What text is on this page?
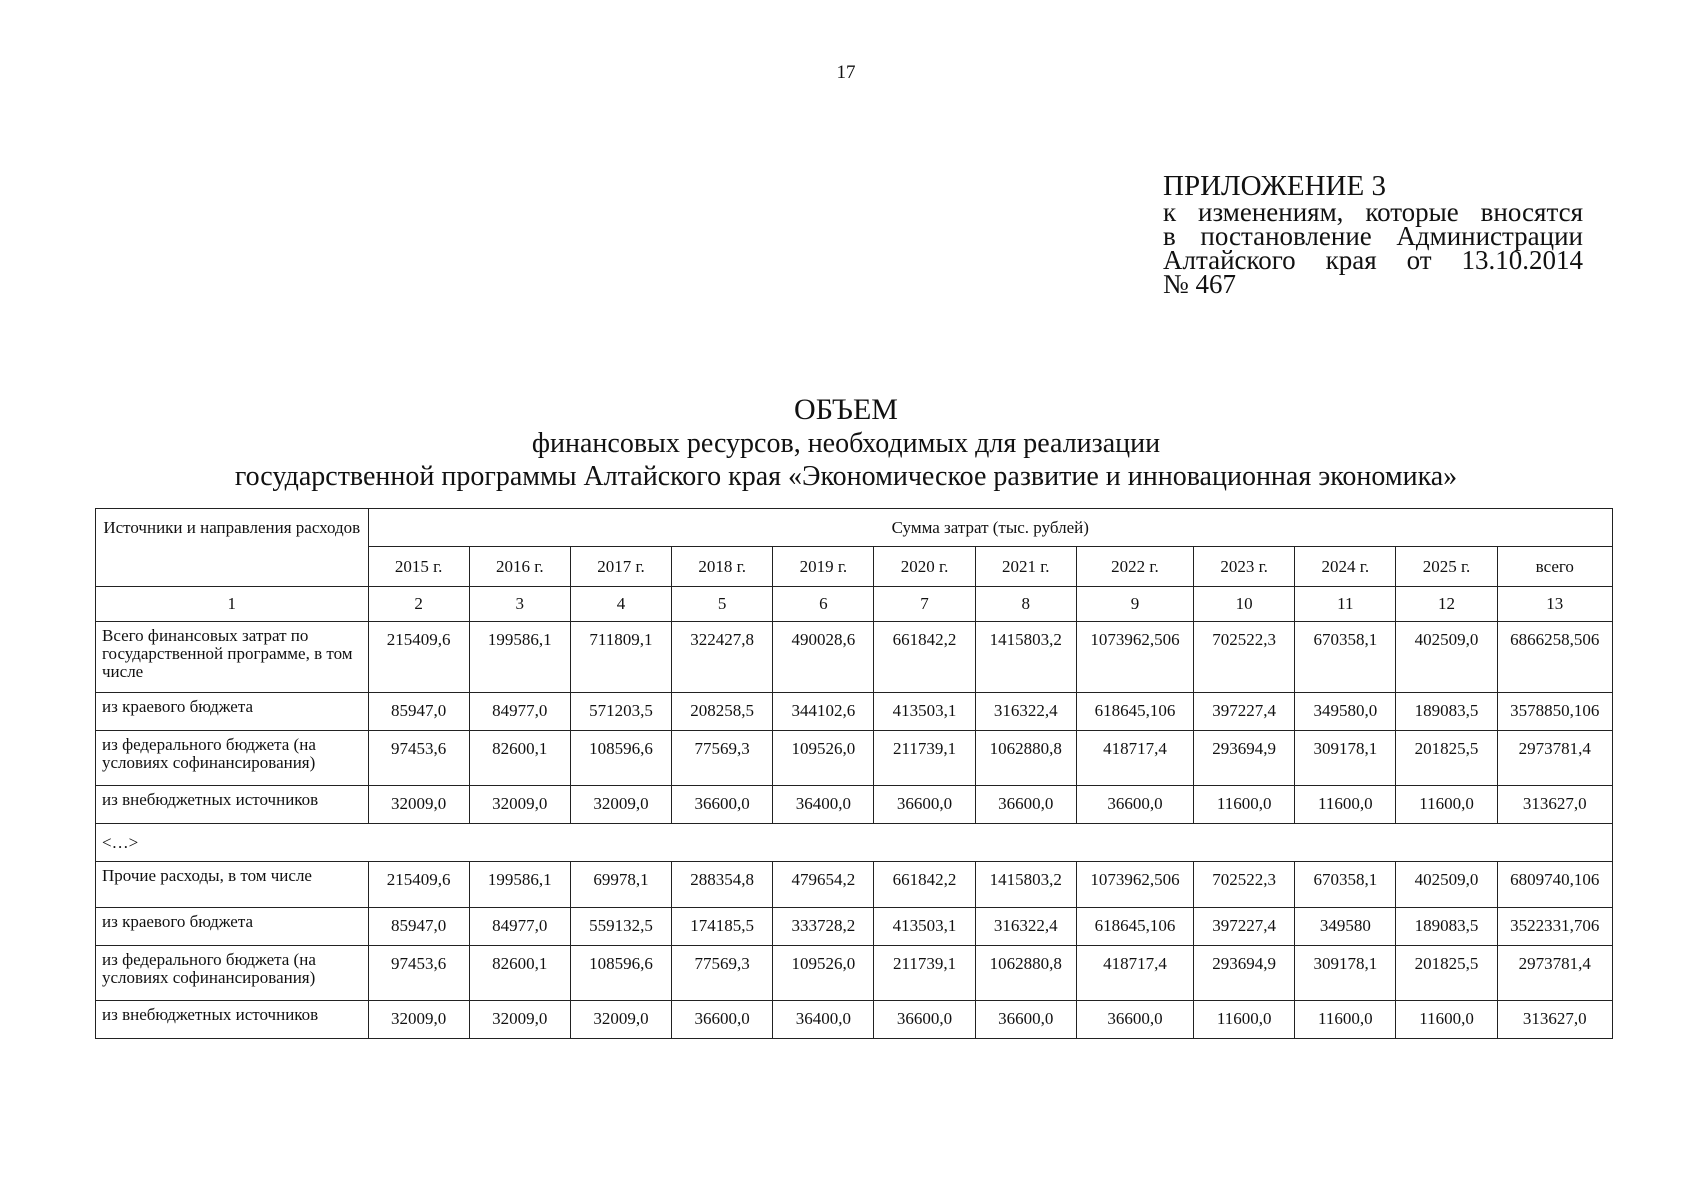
17
ПРИЛОЖЕНИЕ 3
к изменениям, которые вносятся
в постановление Администрации
Алтайского края от 13.10.2014
№ 467
ОБЪЕМ
финансовых ресурсов, необходимых для реализации
государственной программы Алтайского края «Экономическое развитие и инновационная экономика»
Источники и направления расходов	Сумма затрат (тыс. рублей)											
	2015 г.	2016 г.	2017 г.	2018 г.	2019 г.	2020 г.	2021 г.	2022 г.	2023 г.	2024 г.	2025 г.	всего
1	2	3	4	5	6	7	8	9	10	11	12	13
Всего финансовых затрат по государственной программе, в том числе	215409,6	199586,1	711809,1	322427,8	490028,6	661842,2	1415803,2	1073962,506	702522,3	670358,1	402509,0	6866258,506
из краевого бюджета	85947,0	84977,0	571203,5	208258,5	344102,6	413503,1	316322,4	618645,106	397227,4	349580,0	189083,5	3578850,106
из федерального бюджета (на условиях софинансирования)	97453,6	82600,1	108596,6	77569,3	109526,0	211739,1	1062880,8	418717,4	293694,9	309178,1	201825,5	2973781,4
из внебюджетных источников	32009,0	32009,0	32009,0	36600,0	36400,0	36600,0	36600,0	36600,0	11600,0	11600,0	11600,0	313627,0
<…>												
Прочие расходы, в том числе	215409,6	199586,1	69978,1	288354,8	479654,2	661842,2	1415803,2	1073962,506	702522,3	670358,1	402509,0	6809740,106
из краевого бюджета	85947,0	84977,0	559132,5	174185,5	333728,2	413503,1	316322,4	618645,106	397227,4	349580	189083,5	3522331,706
из федерального бюджета (на условиях софинансирования)	97453,6	82600,1	108596,6	77569,3	109526,0	211739,1	1062880,8	418717,4	293694,9	309178,1	201825,5	2973781,4
из внебюджетных источников	32009,0	32009,0	32009,0	36600,0	36400,0	36600,0	36600,0	36600,0	11600,0	11600,0	11600,0	313627,0
